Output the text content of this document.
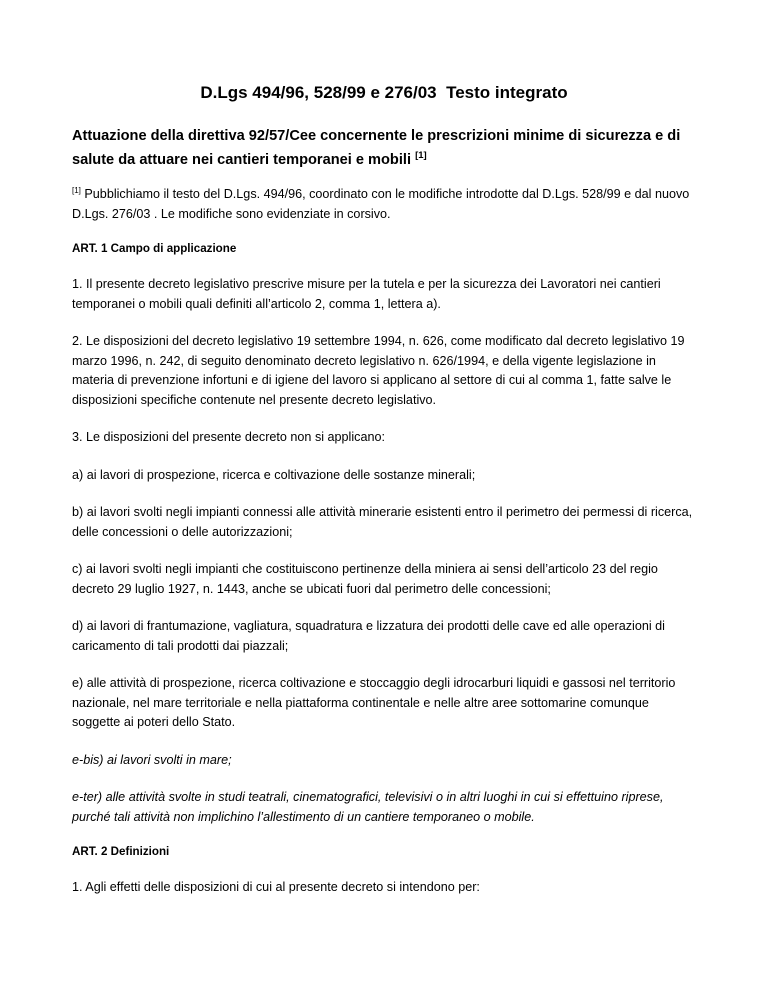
D.Lgs 494/96, 528/99 e 276/03  Testo integrato
Attuazione della direttiva 92/57/Cee concernente le prescrizioni minime di sicurezza e di salute da attuare nei cantieri temporanei e mobili [1]

[1] Pubblichiamo il testo del D.Lgs. 494/96, coordinato con le modifiche introdotte dal D.Lgs. 528/99 e dal nuovo D.Lgs. 276/03 . Le modifiche sono evidenziate in corsivo.

ART. 1 Campo di applicazione

1. Il presente decreto legislativo prescrive misure per la tutela e per la sicurezza dei Lavoratori nei cantieri temporanei o mobili quali definiti all’articolo 2, comma 1, lettera a).

2. Le disposizioni del decreto legislativo 19 settembre 1994, n. 626, come modificato dal decreto legislativo 19 marzo 1996, n. 242, di seguito denominato decreto legislativo n. 626/1994, e della vigente legislazione in materia di prevenzione infortuni e di igiene del lavoro si applicano al settore di cui al comma 1, fatte salve le disposizioni specifiche contenute nel presente decreto legislativo.

3. Le disposizioni del presente decreto non si applicano:

a) ai lavori di prospezione, ricerca e coltivazione delle sostanze minerali;

b) ai lavori svolti negli impianti connessi alle attività minerarie esistenti entro il perimetro dei permessi di ricerca, delle concessioni o delle autorizzazioni;

c) ai lavori svolti negli impianti che costituiscono pertinenze della miniera ai sensi dell’articolo 23 del regio decreto 29 luglio 1927, n. 1443, anche se ubicati fuori dal perimetro delle concessioni;

d) ai lavori di frantumazione, vagliatura, squadratura e lizzatura dei prodotti delle cave ed alle operazioni di caricamento di tali prodotti dai piazzali;

e) alle attività di prospezione, ricerca coltivazione e stoccaggio degli idrocarburi liquidi e gassosi nel territorio nazionale, nel mare territoriale e nella piattaforma continentale e nelle altre aree sottomarine comunque soggette ai poteri dello Stato.

e-bis) ai lavori svolti in mare;

e-ter) alle attività svolte in studi teatrali, cinematografici, televisivi o in altri luoghi in cui si effettuino riprese, purché tali attività non implichino l’allestimento di un cantiere temporaneo o mobile.

ART. 2 Definizioni

1. Agli effetti delle disposizioni di cui al presente decreto si intendono per:
